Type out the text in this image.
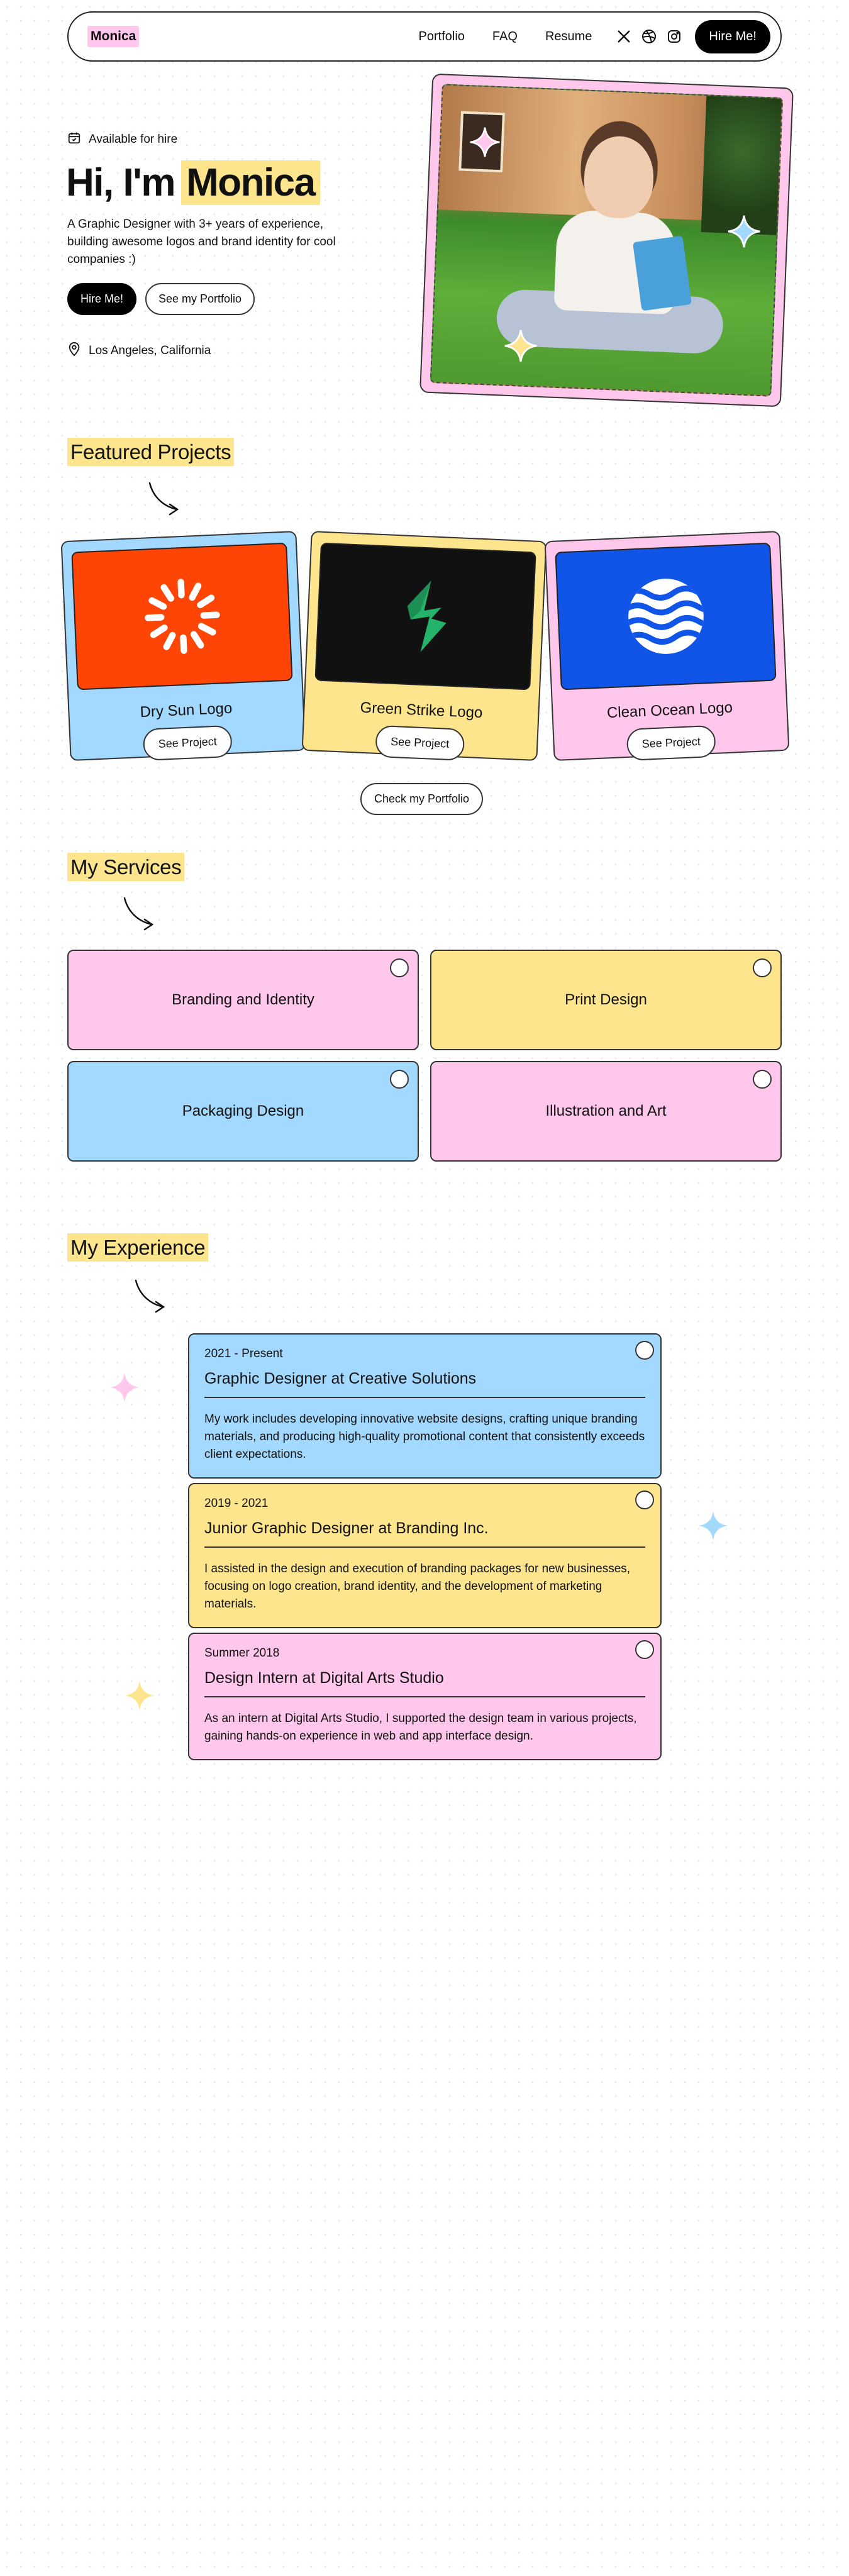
Monica	Portfolio FAQ Resume	Hire Me!
Available for hire
Hi, I'm Monica
A Graphic Designer with 3+ years of experience, building awesome logos and brand identity for cool companies :)
Hire Me!	See my Portfolio
Los Angeles, California
Featured Projects
Dry Sun Logo
See Project
Green Strike Logo
See Project
Clean Ocean Logo
See Project
Check my Portfolio
My Services
Branding and Identity	Print Design
Packaging Design	Illustration and Art
My Experience
2021 - Present
Graphic Designer at Creative Solutions
My work includes developing innovative website designs, crafting unique branding materials, and producing high-quality promotional content that consistently exceeds client expectations.
2019 - 2021
Junior Graphic Designer at Branding Inc.
I assisted in the design and execution of branding packages for new businesses, focusing on logo creation, brand identity, and the development of marketing materials.
Summer 2018
Design Intern at Digital Arts Studio
As an intern at Digital Arts Studio, I supported the design team in various projects, gaining hands-on experience in web and app interface design.
